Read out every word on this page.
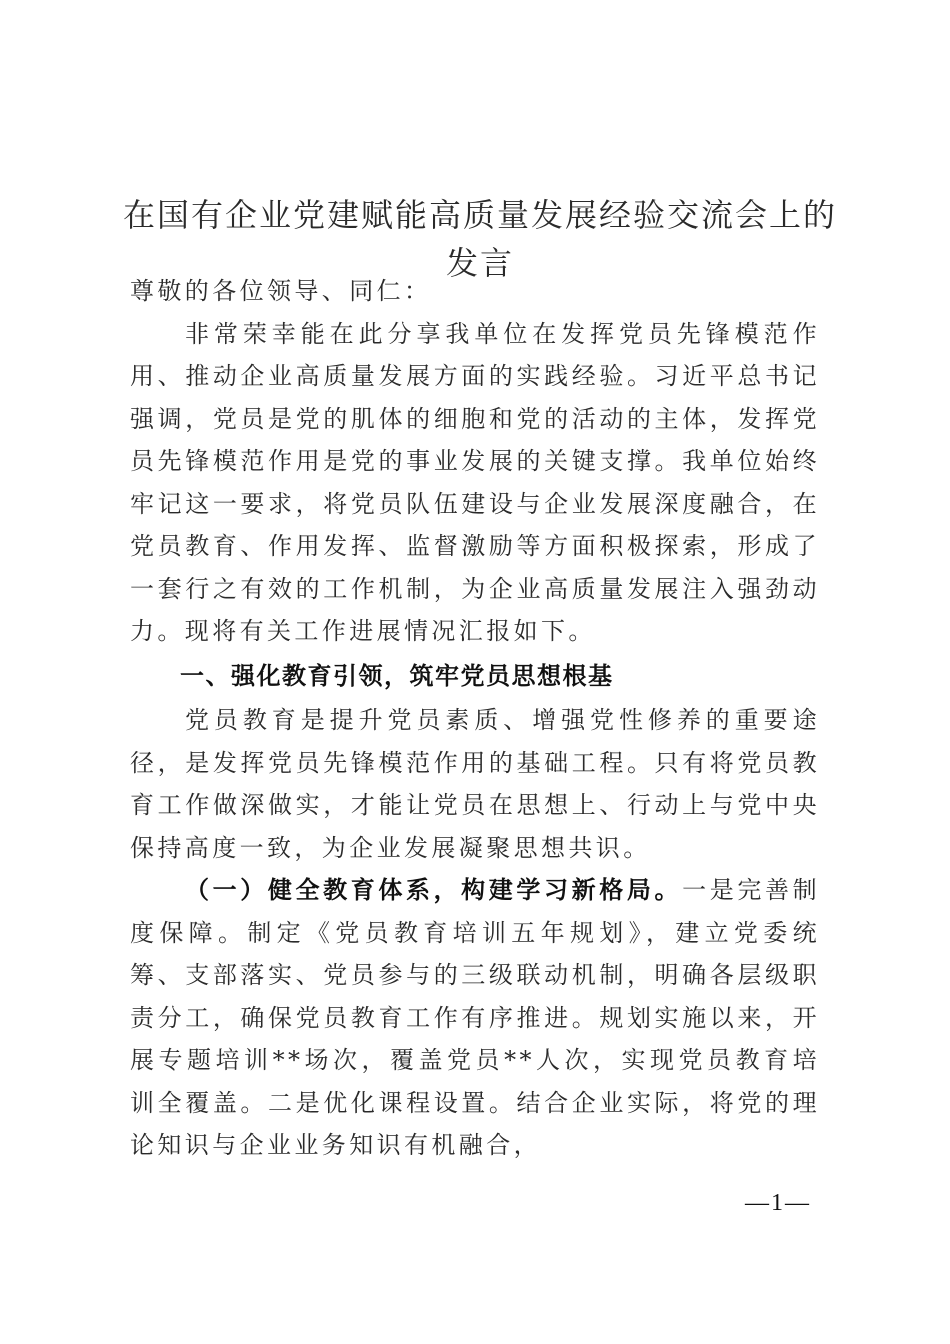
在国有企业党建赋能高质量发展经验交流会上的发言

尊敬的各位领导、同仁：

非常荣幸能在此分享我单位在发挥党员先锋模范作用、推动企业高质量发展方面的实践经验。习近平总书记强调，党员是党的肌体的细胞和党的活动的主体，发挥党员先锋模范作用是党的事业发展的关键支撑。我单位始终牢记这一要求，将党员队伍建设与企业发展深度融合，在党员教育、作用发挥、监督激励等方面积极探索，形成了一套行之有效的工作机制，为企业高质量发展注入强劲动力。现将有关工作进展情况汇报如下。

一、强化教育引领，筑牢党员思想根基

党员教育是提升党员素质、增强党性修养的重要途径，是发挥党员先锋模范作用的基础工程。只有将党员教育工作做深做实，才能让党员在思想上、行动上与党中央保持高度一致，为企业发展凝聚思想共识。

（一）健全教育体系，构建学习新格局。一是完善制度保障。制定《党员教育培训五年规划》，建立党委统筹、支部落实、党员参与的三级联动机制，明确各层级职责分工，确保党员教育工作有序推进。规划实施以来，开展专题培训**场次，覆盖党员**人次，实现党员教育培训全覆盖。二是优化课程设置。结合企业实际，将党的理论知识与企业业务知识有机融合，

—1—
